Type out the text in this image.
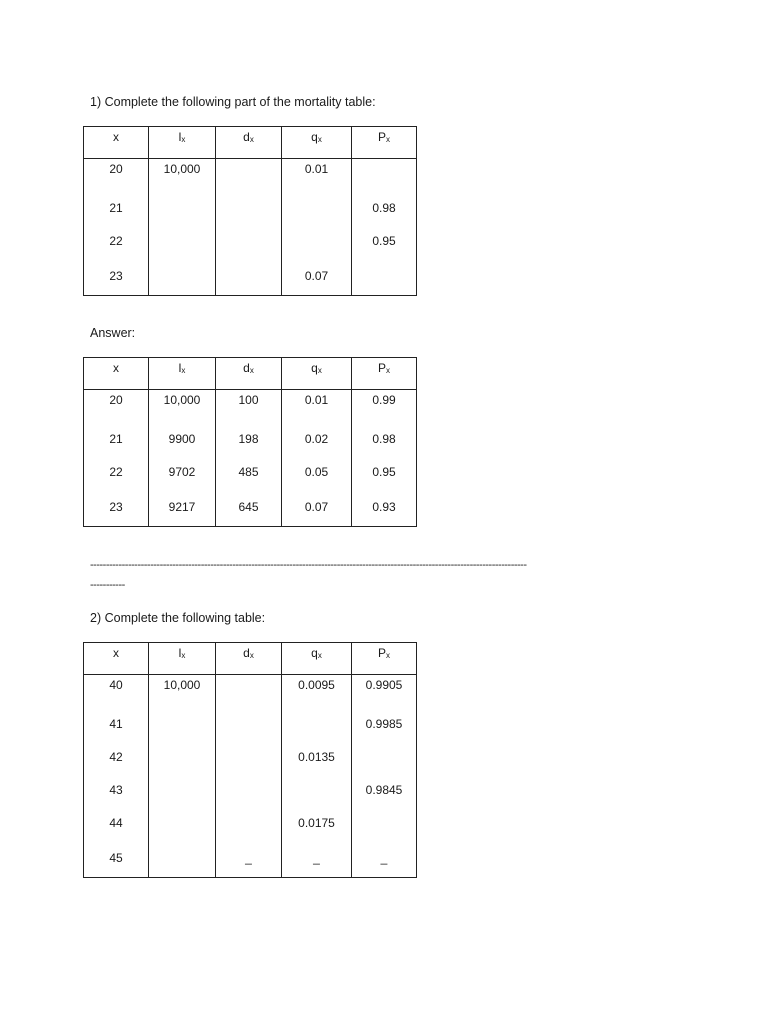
1) Complete the following part of the mortality table:
x	lx	dx	qx	Px
20	10,000		0.01	
21				0.98
22				0.95
23			0.07	
Answer:
x	lx	dx	qx	Px
20	10,000	100	0.01	0.99
21	9900	198	0.02	0.98
22	9702	485	0.05	0.95
23	9217	645	0.07	0.93
------------------------------------------------------------------------------------------------------------------------------------------
-----------
2) Complete the following table:
x	lx	dx	qx	Px
40	10,000		0.0095	0.9905
41				0.9985
42			0.0135	
43				0.9845
44			0.0175	
45		_	_	_
